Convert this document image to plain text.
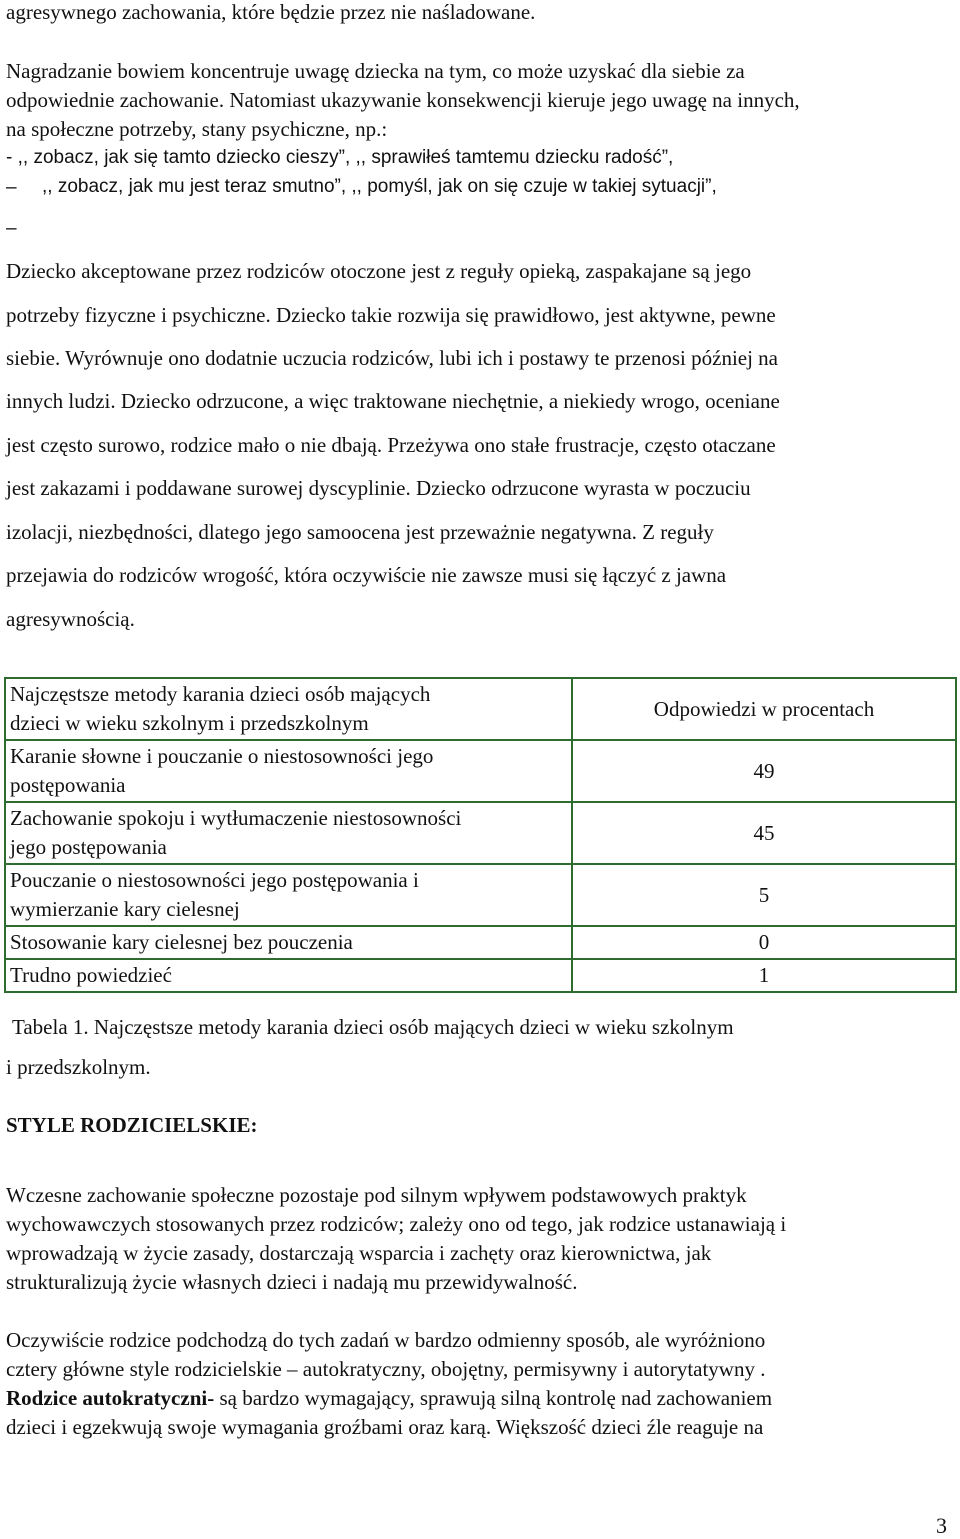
agresywnego zachowania, które będzie przez nie naśladowane.
Nagradzanie bowiem koncentruje uwagę dziecka na tym, co może uzyskać dla siebie za
odpowiednie zachowanie. Natomiast ukazywanie konsekwencji kieruje jego uwagę na innych,
na społeczne potrzeby, stany psychiczne, np.:
- ,, zobacz, jak się tamto dziecko cieszy”, ,, sprawiłeś tamtemu dziecku radość”,
– ,, zobacz, jak mu jest teraz smutno”, ,, pomyśl, jak on się czuje w takiej sytuacji”,
–
Dziecko akceptowane przez rodziców otoczone jest z reguły opieką, zaspakajane są jego
potrzeby fizyczne i psychiczne. Dziecko takie rozwija się prawidłowo, jest aktywne, pewne
siebie. Wyrównuje ono dodatnie uczucia rodziców, lubi ich i postawy te przenosi później na
innych ludzi. Dziecko odrzucone, a więc traktowane niechętnie, a niekiedy wrogo, oceniane
jest często surowo, rodzice mało o nie dbają. Przeżywa ono stałe frustracje, często otaczane
jest zakazami i poddawane surowej dyscyplinie. Dziecko odrzucone wyrasta w poczuciu
izolacji, niezbędności, dlatego jego samoocena jest przeważnie negatywna. Z reguły
przejawia do rodziców wrogość, która oczywiście nie zawsze musi się łączyć z jawna
agresywnością.
Najczęstsze metody karania dzieci osób mających
dzieci w wieku szkolnym i przedszkolnym	Odpowiedzi w procentach
Karanie słowne i pouczanie o niestosowności jego
postępowania	49
Zachowanie spokoju i wytłumaczenie niestosowności
jego postępowania	45
Pouczanie o niestosowności jego postępowania i
wymierzanie kary cielesnej	5
Stosowanie kary cielesnej bez pouczenia	0
Trudno powiedzieć	1
Tabela 1. Najczęstsze metody karania dzieci osób mających dzieci w wieku szkolnym
i przedszkolnym.
STYLE RODZICIELSKIE:
Wczesne zachowanie społeczne pozostaje pod silnym wpływem podstawowych praktyk
wychowawczych stosowanych przez rodziców; zależy ono od tego, jak rodzice ustanawiają i
wprowadzają w życie zasady, dostarczają wsparcia i zachęty oraz kierownictwa, jak
strukturalizują życie własnych dzieci i nadają mu przewidywalność.
Oczywiście rodzice podchodzą do tych zadań w bardzo odmienny sposób, ale wyróżniono
cztery główne style rodzicielskie – autokratyczny, obojętny, permisywny i autorytatywny .
Rodzice autokratyczni- są bardzo wymagający, sprawują silną kontrolę nad zachowaniem
dzieci i egzekwują swoje wymagania groźbami oraz karą. Większość dzieci źle reaguje na
3
